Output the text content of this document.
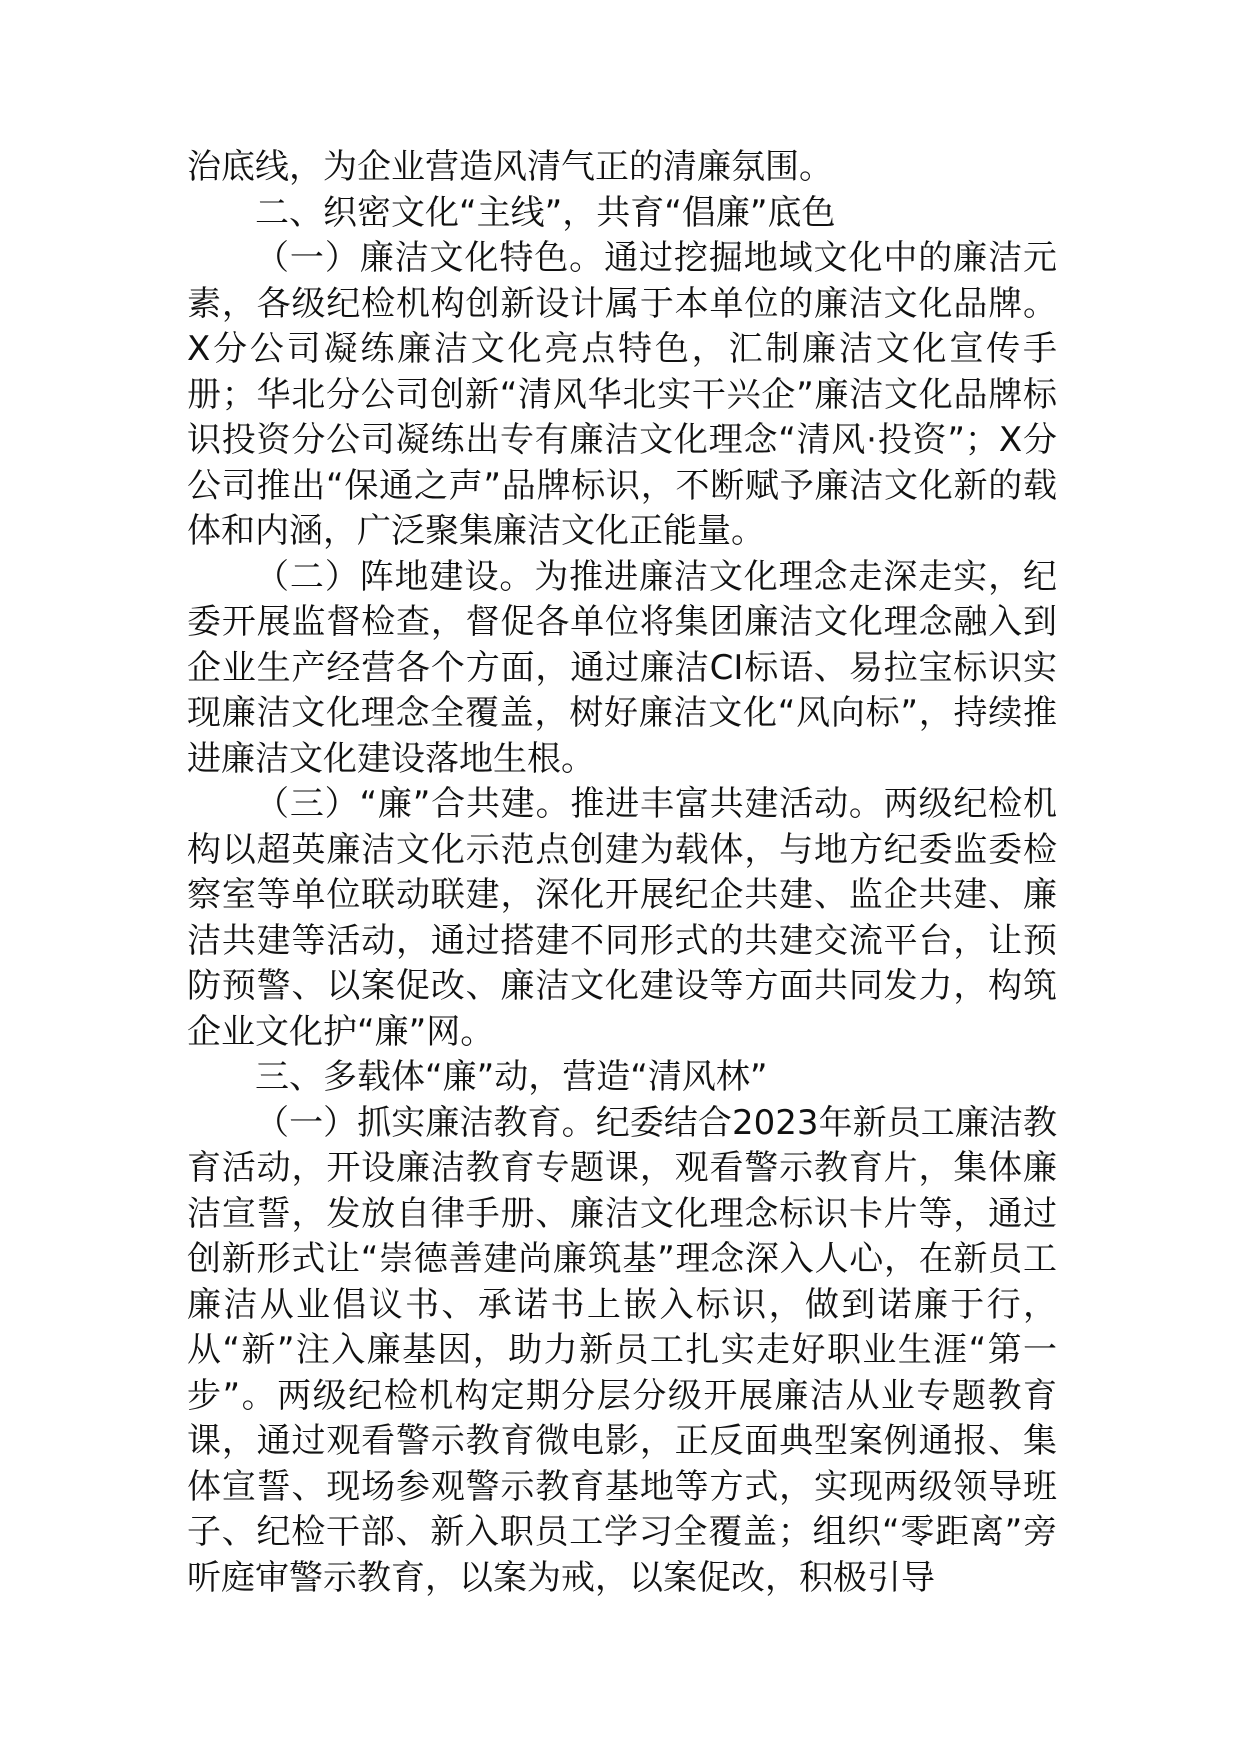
治底线，为企业营造风清气正的清廉氛围。

二、织密文化“主线”，共育“倡廉”底色

（一）廉洁文化特色。通过挖掘地域文化中的廉洁元素，各级纪检机构创新设计属于本单位的廉洁文化品牌。X分公司凝练廉洁文化亮点特色，汇制廉洁文化宣传手册；华北分公司创新“清风华北实干兴企”廉洁文化品牌标识投资分公司凝练出专有廉洁文化理念“清风·投资”；X分公司推出“保通之声”品牌标识，不断赋予廉洁文化新的载体和内涵，广泛聚集廉洁文化正能量。

（二）阵地建设。为推进廉洁文化理念走深走实，纪委开展监督检查，督促各单位将集团廉洁文化理念融入到企业生产经营各个方面，通过廉洁CI标语、易拉宝标识实现廉洁文化理念全覆盖，树好廉洁文化“风向标”，持续推进廉洁文化建设落地生根。

（三）“廉”合共建。推进丰富共建活动。两级纪检机构以超英廉洁文化示范点创建为载体，与地方纪委监委检察室等单位联动联建，深化开展纪企共建、监企共建、廉洁共建等活动，通过搭建不同形式的共建交流平台，让预防预警、以案促改、廉洁文化建设等方面共同发力，构筑企业文化护“廉”网。

三、多载体“廉”动，营造“清风林”

（一）抓实廉洁教育。纪委结合2023年新员工廉洁教育活动，开设廉洁教育专题课，观看警示教育片，集体廉洁宣誓，发放自律手册、廉洁文化理念标识卡片等，通过创新形式让“崇德善建尚廉筑基”理念深入人心，在新员工廉洁从业倡议书、承诺书上嵌入标识，做到诺廉于行，从“新”注入廉基因，助力新员工扎实走好职业生涯“第一步”。两级纪检机构定期分层分级开展廉洁从业专题教育课，通过观看警示教育微电影，正反面典型案例通报、集体宣誓、现场参观警示教育基地等方式，实现两级领导班子、纪检干部、新入职员工学习全覆盖；组织“零距离”旁听庭审警示教育，以案为戒，以案促改，积极引导
